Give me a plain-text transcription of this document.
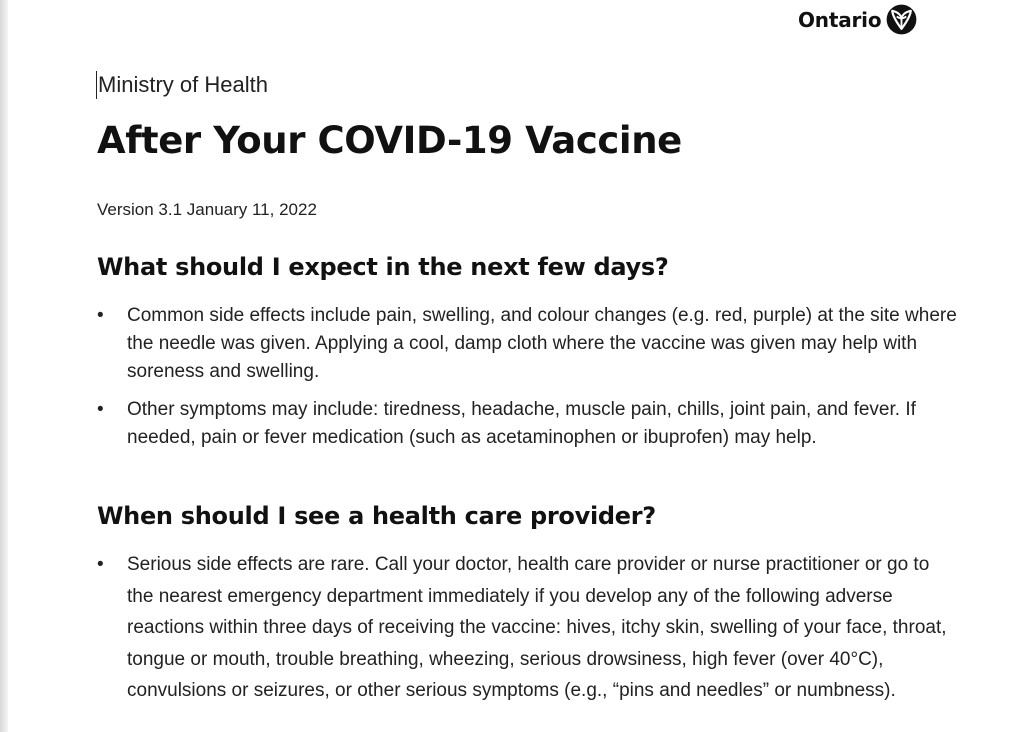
Ontario
Ministry of Health
After Your COVID-19 Vaccine
Version 3.1 January 11, 2022
What should I expect in the next few days?
• Common side effects include pain, swelling, and colour changes (e.g. red, purple) at the site where the needle was given. Applying a cool, damp cloth where the vaccine was given may help with soreness and swelling.
• Other symptoms may include: tiredness, headache, muscle pain, chills, joint pain, and fever. If needed, pain or fever medication (such as acetaminophen or ibuprofen) may help.
When should I see a health care provider?
• Serious side effects are rare. Call your doctor, health care provider or nurse practitioner or go to the nearest emergency department immediately if you develop any of the following adverse reactions within three days of receiving the vaccine: hives, itchy skin, swelling of your face, throat, tongue or mouth, trouble breathing, wheezing, serious drowsiness, high fever (over 40°C), convulsions or seizures, or other serious symptoms (e.g., “pins and needles” or numbness).
